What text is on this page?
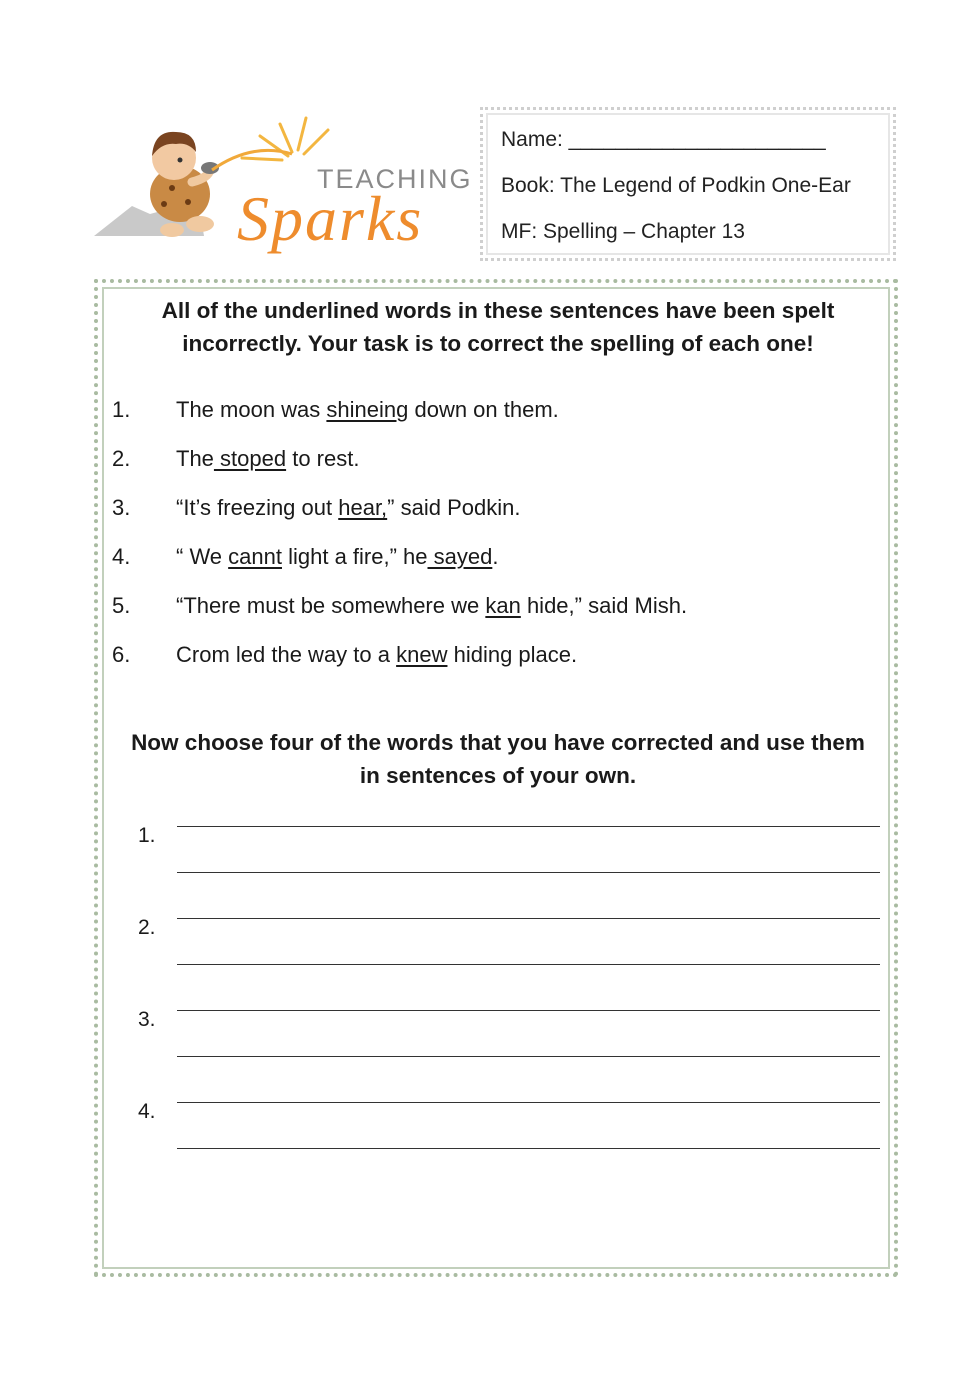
TEACHING
Sparks
Name: ______________________
Book: The Legend of Podkin One-Ear
MF: Spelling – Chapter 13
All of the underlined words in these sentences have been spelt incorrectly. Your task is to correct the spelling of each one!
1. The moon was shineing down on them.
2. The stoped to rest.
3. “It’s freezing out hear,” said Podkin.
4. “ We cannt light a fire,” he sayed.
5. “There must be somewhere we kan hide,” said Mish.
6. Crom led the way to a knew hiding place.
Now choose four of the words that you have corrected and use them in sentences of your own.
1.
2.
3.
4.
